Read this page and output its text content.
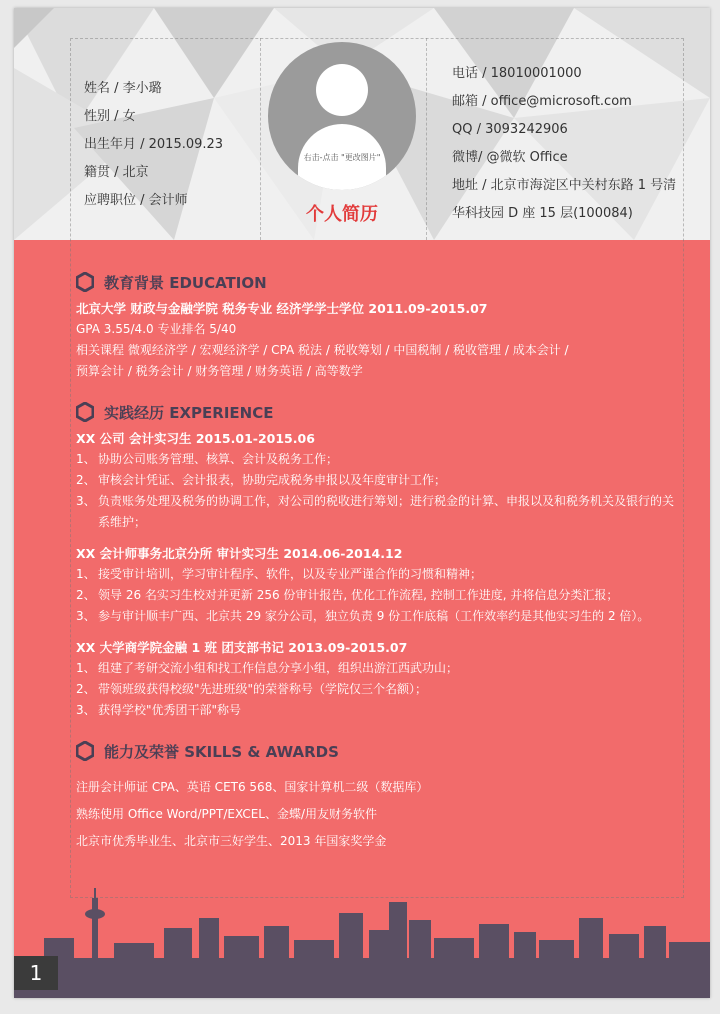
姓名 / 李小璐
性别 / 女
出生年月 / 2015.09.23
籍贯 / 北京
应聘职位 / 会计师
右击-点击 "更改图片"
个人简历
电话 / 18010001000
邮箱 / office@microsoft.com
QQ / 3093242906
微博/ @微软 Office
地址 / 北京市海淀区中关村东路 1 号清
华科技园 D 座 15 层(100084)
教育背景 EDUCATION
北京大学 财政与金融学院 税务专业 经济学学士学位 2011.09-2015.07
GPA 3.55/4.0 专业排名 5/40
相关课程 微观经济学 / 宏观经济学 / CPA 税法 / 税收筹划 / 中国税制 / 税收管理 / 成本会计 /
预算会计 / 税务会计 / 财务管理 / 财务英语 / 高等数学
实践经历 EXPERIENCE
XX 公司 会计实习生 2015.01-2015.06
1、 协助公司账务管理、核算、会计及税务工作；
2、 审核会计凭证、会计报表，协助完成税务申报以及年度审计工作；
3、 负责账务处理及税务的协调工作，对公司的税收进行筹划；进行税金的计算、申报以及和税务机关及银行的关系维护；
XX 会计师事务北京分所 审计实习生 2014.06-2014.12
1、 接受审计培训，学习审计程序、软件，以及专业严谨合作的习惯和精神；
2、 领导 26 名实习生校对并更新 256 份审计报告, 优化工作流程, 控制工作进度, 并将信息分类汇报；
3、 参与审计顺丰广西、北京共 29 家分公司，独立负责 9 份工作底稿（工作效率约是其他实习生的 2 倍）。
XX 大学商学院金融 1 班 团支部书记 2013.09-2015.07
1、 组建了考研交流小组和找工作信息分享小组，组织出游江西武功山；
2、 带领班级获得校级"先进班级"的荣誉称号（学院仅三个名额）；
3、 获得学校"优秀团干部"称号
能力及荣誉 SKILLS & AWARDS
注册会计师证 CPA、英语 CET6 568、国家计算机二级（数据库）
熟练使用 Office Word/PPT/EXCEL、金蝶/用友财务软件
北京市优秀毕业生、北京市三好学生、2013 年国家奖学金
1
